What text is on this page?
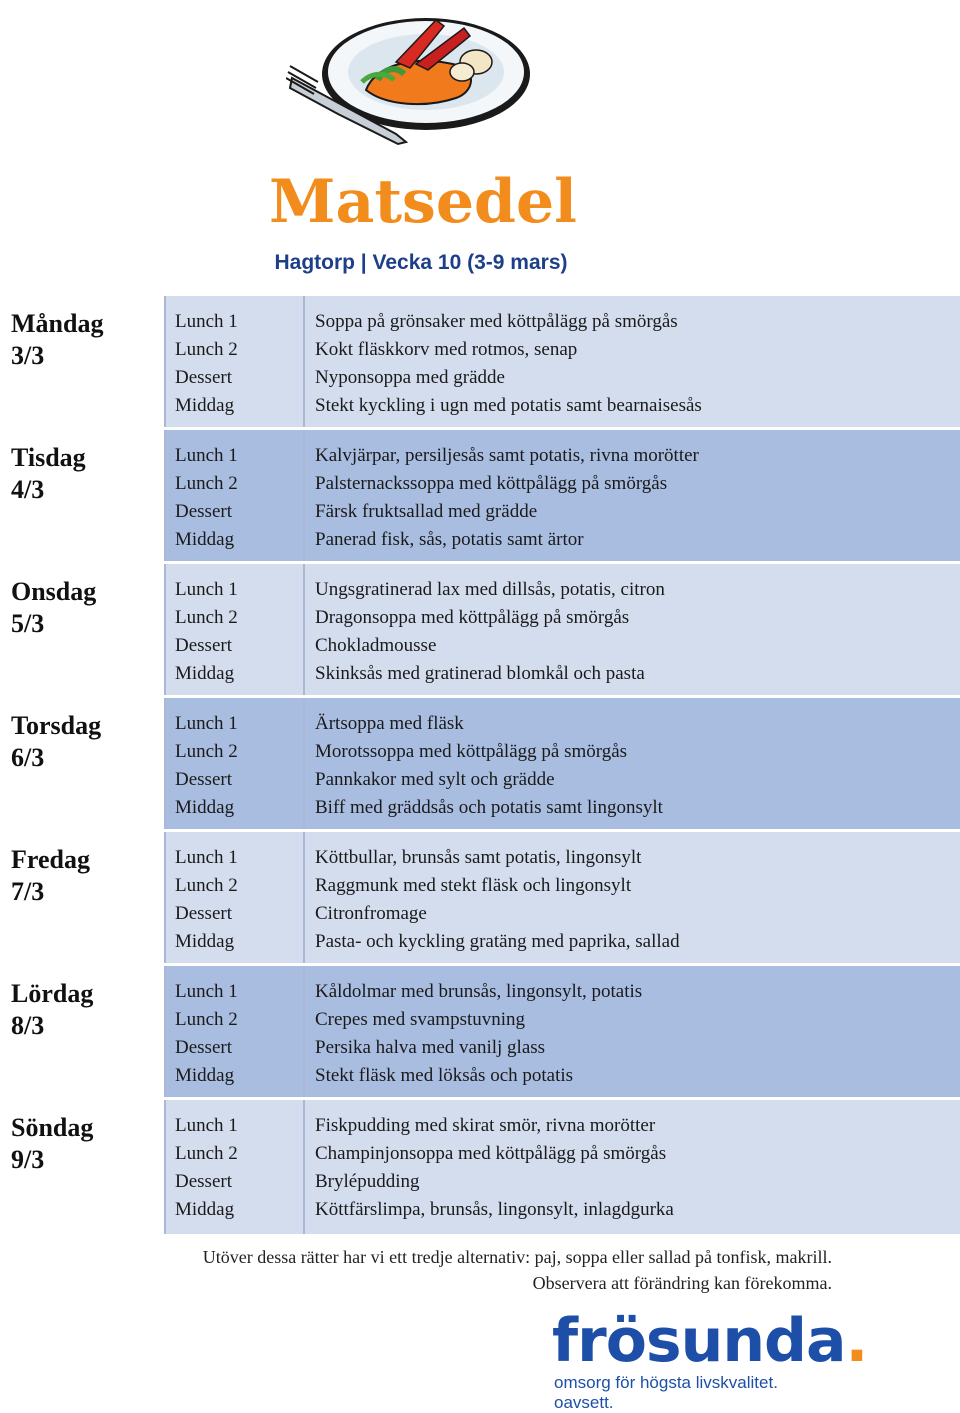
Matsedel
Hagtorp | Vecka 10 (3-9 mars)
Måndag
3/3
Lunch 1
Lunch 2
Dessert
Middag
Soppa på grönsaker med köttpålägg på smörgås
Kokt fläskkorv med rotmos, senap
Nyponsoppa med grädde
Stekt kyckling i ugn med potatis samt bearnaisesås
Tisdag
4/3
Lunch 1
Lunch 2
Dessert
Middag
Kalvjärpar, persiljesås samt potatis, rivna morötter
Palsternackssoppa med köttpålägg på smörgås
Färsk fruktsallad med grädde
Panerad fisk, sås, potatis samt ärtor
Onsdag
5/3
Lunch 1
Lunch 2
Dessert
Middag
Ungsgratinerad lax med dillsås, potatis, citron
Dragonsoppa med köttpålägg på smörgås
Chokladmousse
Skinksås med gratinerad blomkål och pasta
Torsdag
6/3
Lunch 1
Lunch 2
Dessert
Middag
Ärtsoppa med fläsk
Morotssoppa med köttpålägg på smörgås
Pannkakor med sylt och grädde
Biff med gräddsås och potatis samt lingonsylt
Fredag
7/3
Lunch 1
Lunch 2
Dessert
Middag
Köttbullar, brunsås samt potatis, lingonsylt
Raggmunk med stekt fläsk och lingonsylt
Citronfromage
Pasta- och kyckling gratäng med paprika, sallad
Lördag
8/3
Lunch 1
Lunch 2
Dessert
Middag
Kåldolmar med brunsås, lingonsylt, potatis
Crepes med svampstuvning
Persika halva med vanilj glass
Stekt fläsk med löksås och potatis
Söndag
9/3
Lunch 1
Lunch 2
Dessert
Middag
Fiskpudding med skirat smör, rivna morötter
Champinjonsoppa med köttpålägg på smörgås
Brylépudding
Köttfärslimpa, brunsås, lingonsylt, inlagdgurka
Utöver dessa rätter har vi ett tredje alternativ: paj, soppa eller sallad på tonfisk, makrill.
Observera att förändring kan förekomma.
frösunda.
omsorg för högsta livskvalitet. oavsett.
